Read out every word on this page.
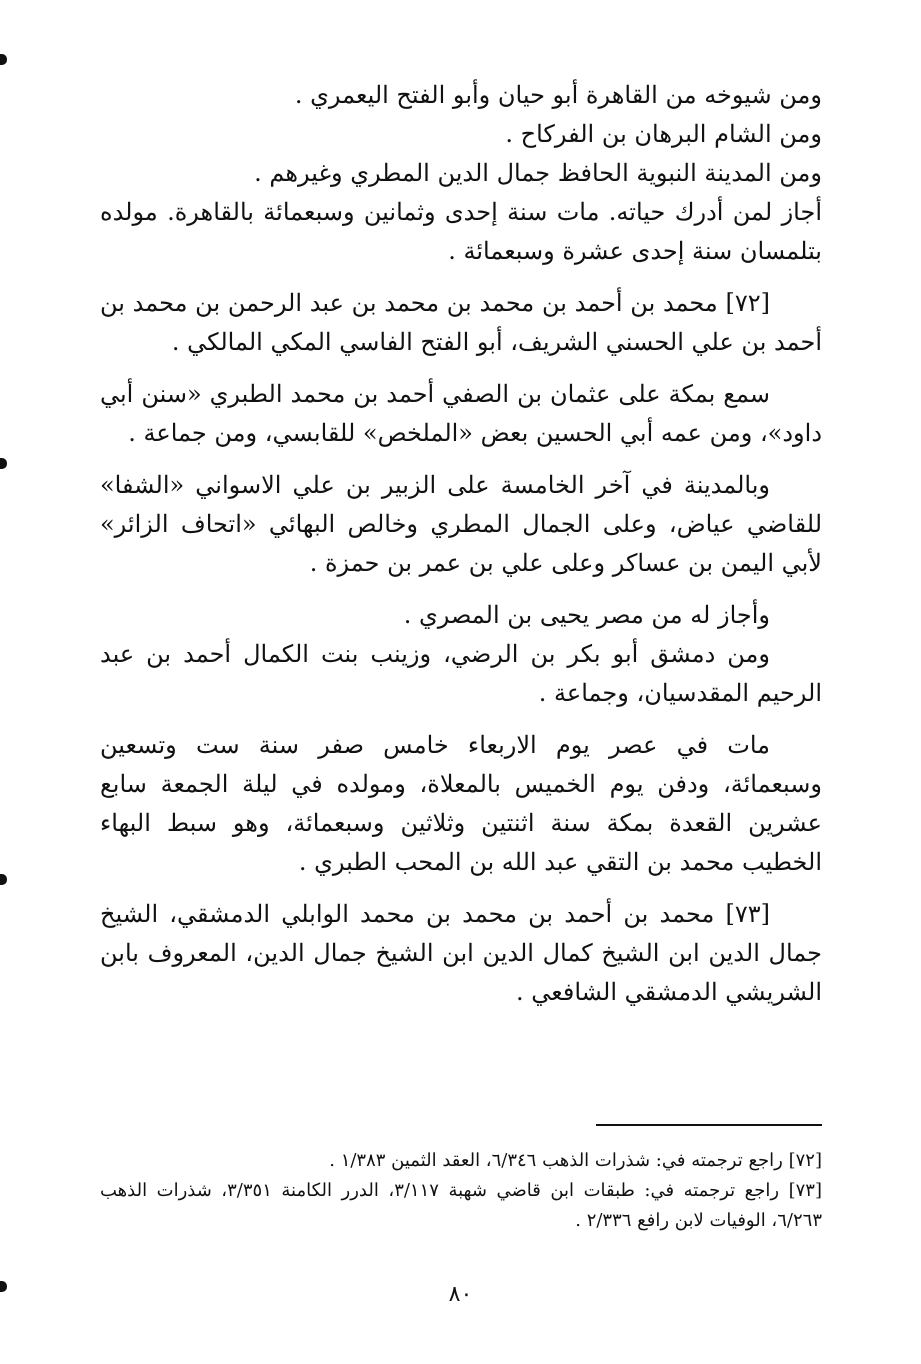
ومن شيوخه من القاهرة أبو حيان وأبو الفتح اليعمري .

ومن الشام البرهان بن الفركاح .

ومن المدينة النبوية الحافظ جمال الدين المطري وغيرهم .

أجاز لمن أدرك حياته. مات سنة إحدى وثمانين وسبعمائة بالقاهرة. مولده بتلمسان سنة إحدى عشرة وسبعمائة .

[٧٢] محمد بن أحمد بن محمد بن محمد بن عبد الرحمن بن محمد بن أحمد بن علي الحسني الشريف، أبو الفتح الفاسي المكي المالكي .

سمع بمكة على عثمان بن الصفي أحمد بن محمد الطبري «سنن أبي داود»، ومن عمه أبي الحسين بعض «الملخص» للقابسي، ومن جماعة .

وبالمدينة في آخر الخامسة على الزبير بن علي الاسواني «الشفا» للقاضي عياض، وعلى الجمال المطري وخالص البهائي «اتحاف الزائر» لأبي اليمن بن عساكر وعلى علي بن عمر بن حمزة .

وأجاز له من مصر يحيى بن المصري .

ومن دمشق أبو بكر بن الرضي، وزينب بنت الكمال أحمد بن عبد الرحيم المقدسيان، وجماعة .

مات في عصر يوم الاربعاء خامس صفر سنة ست وتسعين وسبعمائة، ودفن يوم الخميس بالمعلاة، ومولده في ليلة الجمعة سابع عشرين القعدة بمكة سنة اثنتين وثلاثين وسبعمائة، وهو سبط البهاء الخطيب محمد بن التقي عبد الله بن المحب الطبري .

[٧٣] محمد بن أحمد بن محمد بن محمد الوابلي الدمشقي، الشيخ جمال الدين ابن الشيخ كمال الدين ابن الشيخ جمال الدين، المعروف بابن الشريشي الدمشقي الشافعي .

[٧٢] راجع ترجمته في: شذرات الذهب ٦/٣٤٦، العقد الثمين ١/٣٨٣ .

[٧٣] راجع ترجمته في: طبقات ابن قاضي شهبة ٣/١١٧، الدرر الكامنة ٣/٣٥١، شذرات الذهب ٦/٢٦٣، الوفيات لابن رافع ٢/٣٣٦ .

٨٠
